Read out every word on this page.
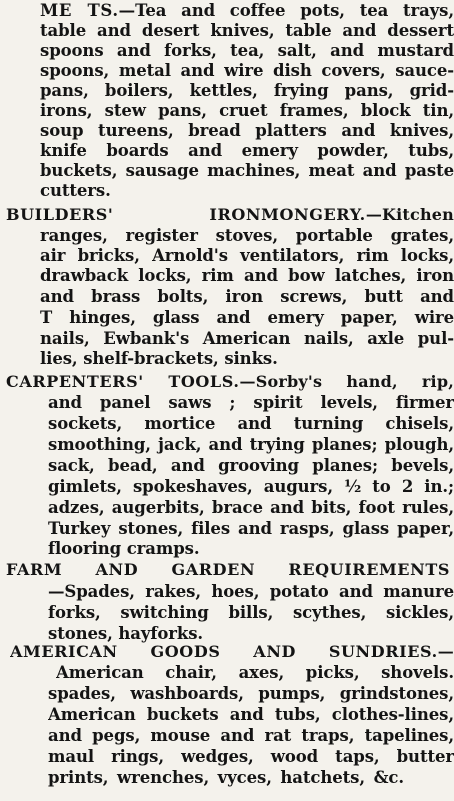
ME TS.—Tea and coffee pots, tea trays,
table and desert knives, table and dessert
spoons and forks, tea, salt, and mustard
spoons, metal and wire dish covers, sauce-
pans, boilers, kettles, frying pans, grid-
irons, stew pans, cruet frames, block tin,
soup tureens, bread platters and knives,
knife boards and emery powder, tubs,
buckets, sausage machines, meat and paste
cutters.
BUILDERS' IRONMONGERY.—Kitchen
ranges, register stoves, portable grates,
air bricks, Arnold's ventilators, rim locks,
drawback locks, rim and bow latches, iron
and brass bolts, iron screws, butt and
T hinges, glass and emery paper, wire
nails, Ewbank's American nails, axle pul-
lies, shelf-brackets, sinks.
CARPENTERS' TOOLS.—Sorby's hand, rip,
and panel saws ; spirit levels, firmer
sockets, mortice and turning chisels,
smoothing, jack, and trying planes; plough,
sack, bead, and grooving planes; bevels,
gimlets, spokeshaves, augurs, ½ to 2 in.;
adzes, augerbits, brace and bits, foot rules,
Turkey stones, files and rasps, glass paper,
flooring cramps.
FARM AND GARDEN REQUIREMENTS
—Spades, rakes, hoes, potato and manure
forks, switching bills, scythes, sickles,
stones, hayforks.
AMERICAN GOODS AND SUNDRIES.—
American chair, axes, picks, shovels.
spades, washboards, pumps, grindstones,
American buckets and tubs, clothes-lines,
and pegs, mouse and rat traps, tapelines,
maul rings, wedges, wood taps, butter
prints, wrenches, vyces, hatchets, &c.
